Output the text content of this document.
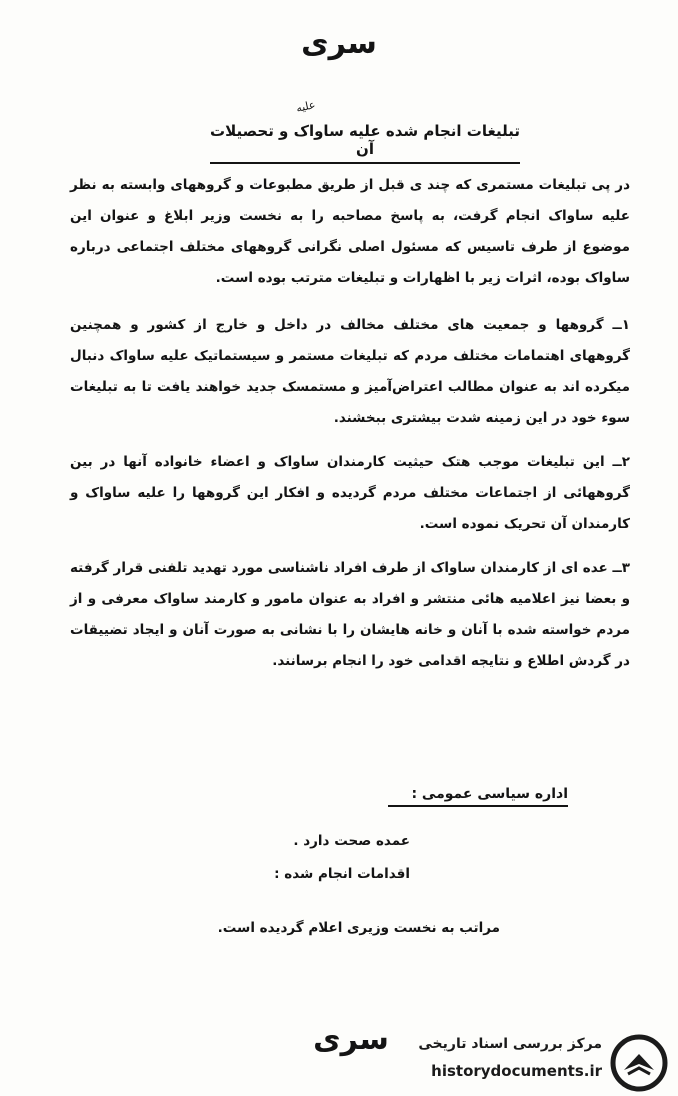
سری
علیه
تبلیغات انجام شده علیه ساواک و تحصیلات آن
در پی تبلیغات مستمری که چند ی قبل از طریق مطبوعات و گروههای وابسته به نظر علیه ساواک انجام گرفت، به پاسخ مصاحبه را به نخست وزیر ابلاغ و عنوان این موضوع از طرف تاسیس که مسئول اصلی نگرانی گروههای مختلف اجتماعی درباره ساواک بوده، اثرات زیر با اظهارات و تبلیغات مترتب بوده است.
۱ــ گروهها و جمعیت های مختلف مخالف در داخل و خارج از کشور و همچنین گروههای اهتمامات مختلف مردم که تبلیغات مستمر و سیستماتیک علیه ساواک دنبال میکرده اند به عنوان مطالب اعتراض‌آمیز و مستمسک جدید خواهند یافت تا به تبلیغات سوء خود در این زمینه شدت بیشتری ببخشند.
۲ــ این تبلیغات موجب هتک حیثیت کارمندان ساواک و اعضاء خانواده آنها در بین گروههائی از اجتماعات مختلف مردم گردیده و افکار این گروهها را علیه ساواک و کارمندان آن تحریک نموده است.
۳ــ عده ای از کارمندان ساواک از طرف افراد ناشناسی مورد تهدید تلفنی قرار گرفته و بعضا نیز اعلامیه هائی منتشر و افراد به عنوان مامور و کارمند ساواک معرفی و از مردم خواسته شده با آنان و خانه هایشان را با نشانی به صورت آنان و ایجاد تضییقات در گردش اطلاع و نتایجه اقدامی خود را انجام برسانند.
اداره سیاسی عمومی :
عمده صحت دارد .
اقدامات انجام شده :
مراتب به نخست وزیری اعلام گردیده است.
سری	مرکز بررسی اسناد تاریخی
historydocuments.ir
